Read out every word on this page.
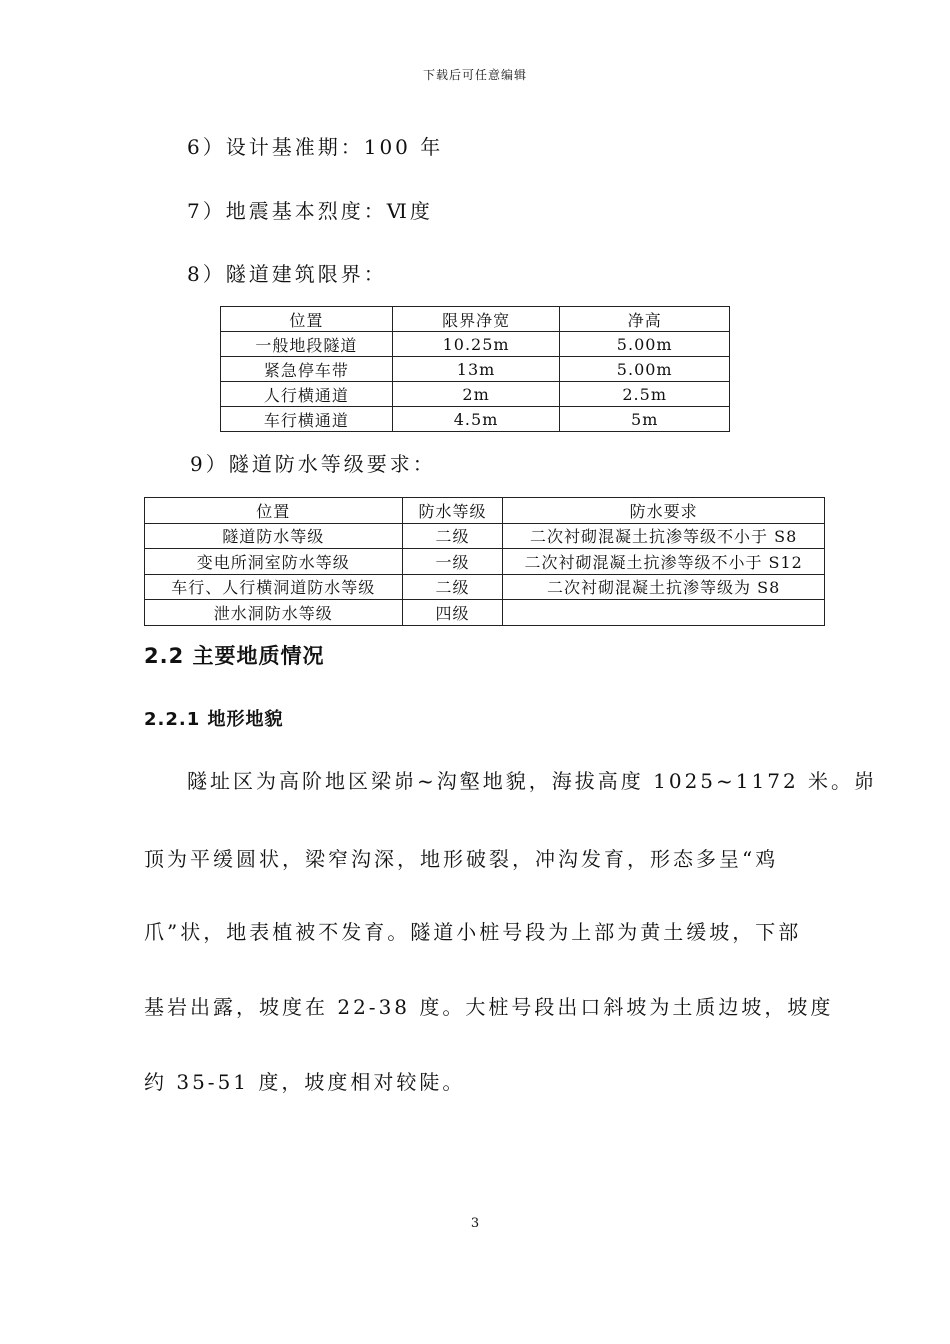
下载后可任意编辑
6）设计基准期：100 年
7）地震基本烈度：Ⅵ度
8）隧道建筑限界：
位置	限界净宽	净高
一般地段隧道	10.25m	5.00m
紧急停车带	13m	5.00m
人行横通道	2m	2.5m
车行横通道	4.5m	5m
9）隧道防水等级要求：
位置	防水等级	防水要求
隧道防水等级	二级	二次衬砌混凝土抗渗等级不小于 S8
变电所洞室防水等级	一级	二次衬砌混凝土抗渗等级不小于 S12
车行、人行横洞道防水等级	二级	二次衬砌混凝土抗渗等级为 S8
泄水洞防水等级	四级	
2.2 主要地质情况
2.2.1 地形地貌
隧址区为高阶地区梁峁~沟壑地貌，海拔高度 1025~1172 米。峁
顶为平缓圆状，梁窄沟深，地形破裂，冲沟发育，形态多呈“鸡
爪”状，地表植被不发育。隧道小桩号段为上部为黄土缓坡，下部
基岩出露，坡度在 22-38 度。大桩号段出口斜坡为土质边坡，坡度
约 35-51 度，坡度相对较陡。
3
